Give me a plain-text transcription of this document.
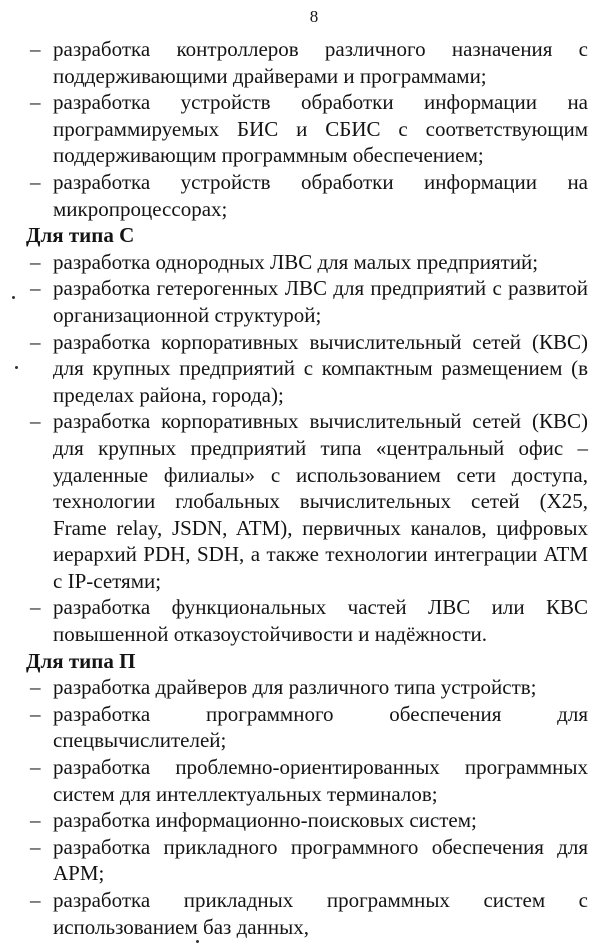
8
– разработка контроллеров различного назначения с поддерживающими драйверами и программами;
– разработка устройств обработки информации на программируемых БИС и СБИС с соответствующим поддерживающим программным обеспечением;
– разработка устройств обработки информации на микропроцессорах;
Для типа С
– разработка однородных ЛВС для малых предприятий;
– разработка гетерогенных ЛВС для предприятий с развитой организационной структурой;
– разработка корпоративных вычислительный сетей (КВС) для крупных предприятий с компактным размещением (в пределах района, города);
– разработка корпоративных вычислительный сетей (КВС) для крупных предприятий типа «центральный офис – удаленные филиалы» с использованием сети доступа, технологии глобальных вычислительных сетей (X25, Frame relay, JSDN, ATM), первичных каналов, цифровых иерархий PDH, SDH, а также технологии интеграции ATM с IP-сетями;
– разработка функциональных частей ЛВС или КВС повышенной отказоустойчивости и надёжности.
Для типа П
– разработка драйверов для различного типа устройств;
– разработка программного обеспечения для спецвычислителей;
– разработка проблемно-ориентированных программных систем для интеллектуальных терминалов;
– разработка информационно-поисковых систем;
– разработка прикладного программного обеспечения для АРМ;
– разработка прикладных программных систем с использованием баз данных,
